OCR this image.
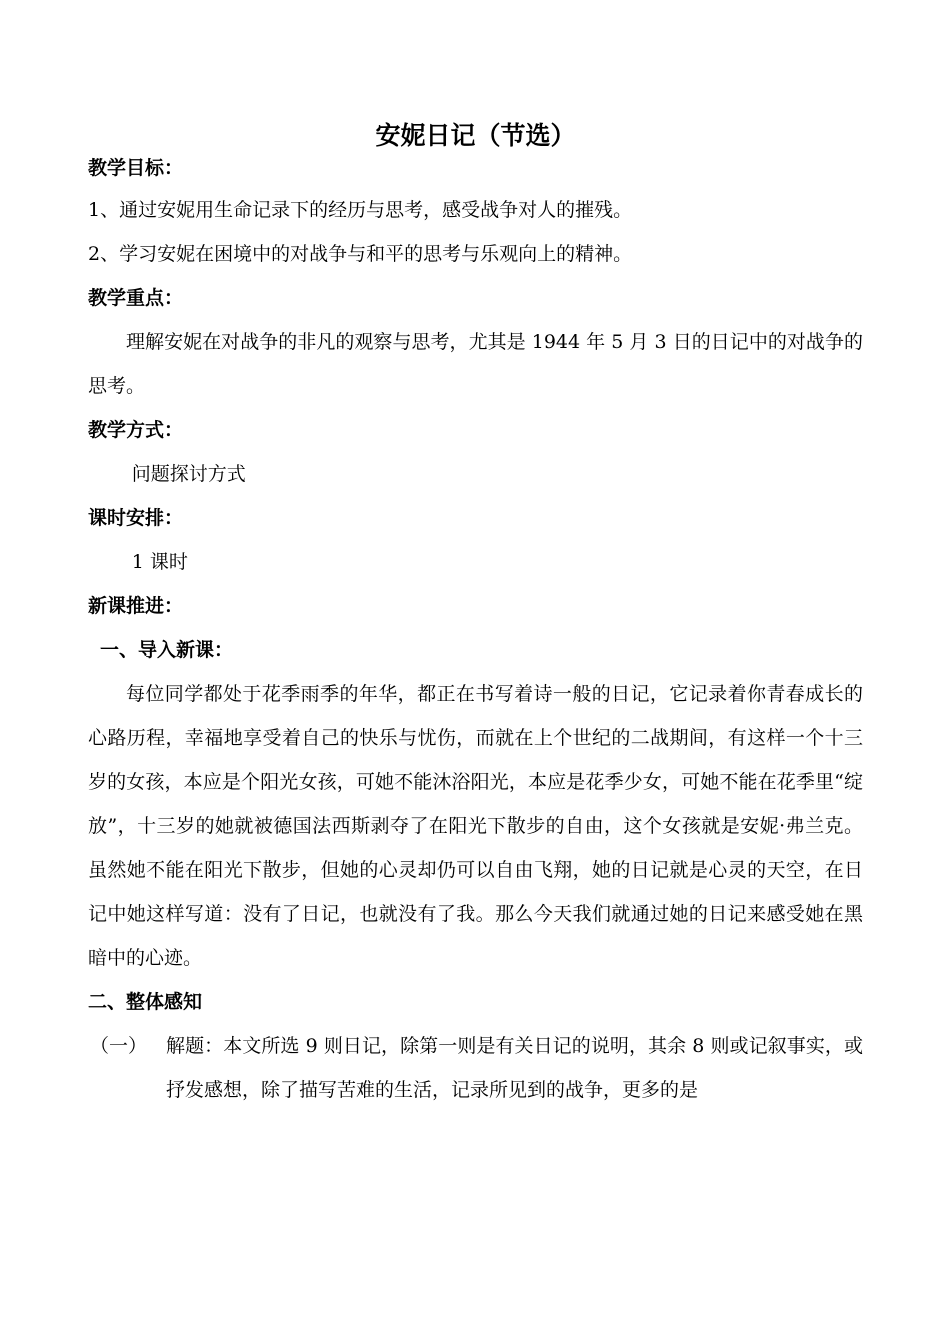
安妮日记（节选）
教学目标：

1、通过安妮用生命记录下的经历与思考，感受战争对人的摧残。

2、学习安妮在困境中的对战争与和平的思考与乐观向上的精神。

教学重点：

理解安妮在对战争的非凡的观察与思考，尤其是 1944 年 5 月 3 日的日记中的对战争的思考。

教学方式：

问题探讨方式

课时安排：

1 课时

新课推进：
一、导入新课：

每位同学都处于花季雨季的年华，都正在书写着诗一般的日记，它记录着你青春成长的心路历程，幸福地享受着自己的快乐与忧伤，而就在上个世纪的二战期间，有这样一个十三岁的女孩，本应是个阳光女孩，可她不能沐浴阳光，本应是花季少女，可她不能在花季里“绽放”，十三岁的她就被德国法西斯剥夺了在阳光下散步的自由，这个女孩就是安妮·弗兰克。虽然她不能在阳光下散步，但她的心灵却仍可以自由飞翔，她的日记就是心灵的天空，在日记中她这样写道：没有了日记，也就没有了我。那么今天我们就通过她的日记来感受她在黑暗中的心迹。

二、整体感知
（一） 解题：本文所选 9 则日记，除第一则是有关日记的说明，其余 8 则或记叙事实，或抒发感想，除了描写苦难的生活，记录所见到的战争，更多的是
